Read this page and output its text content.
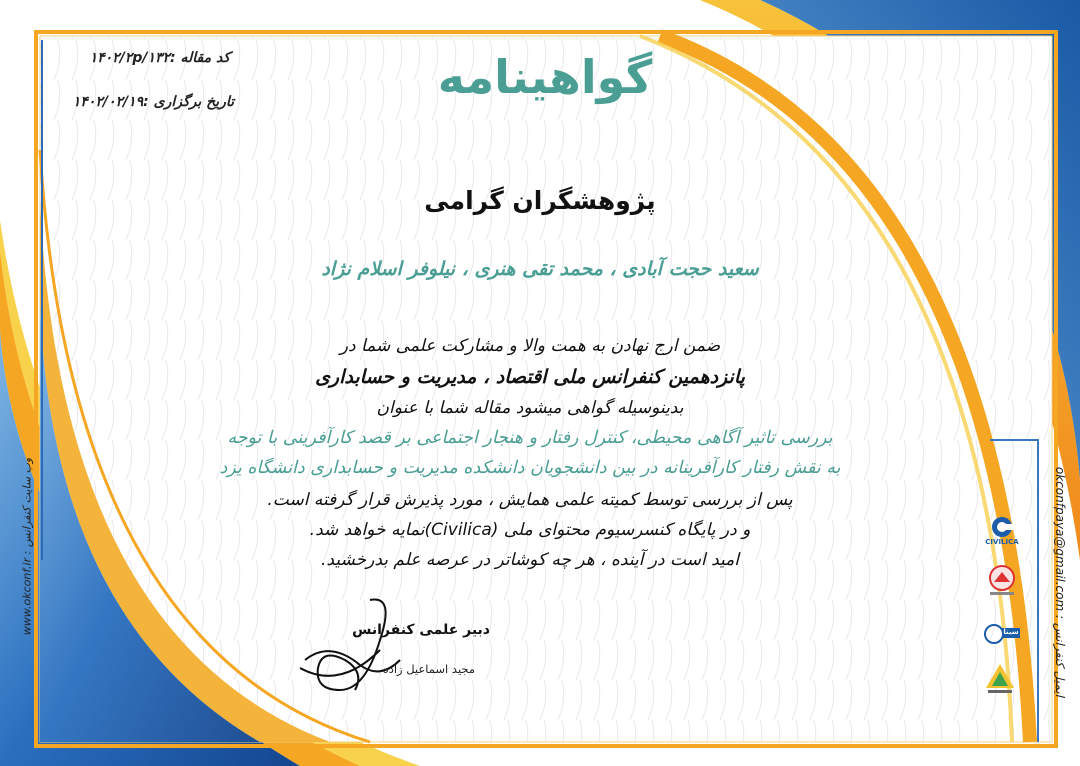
گواهینامه
کد مقاله :۱۴۰۲/۲p/۱۳۲
تاریخ برگزاری :۱۴۰۲/۰۲/۱۹
پژوهشگران گرامی
سعید حجت آبادی ، محمد تقی هنری ، نیلوفر اسلام نژاد
ضمن ارج نهادن به همت والا و مشارکت علمی شما در
پانزدهمین کنفرانس ملی اقتصاد ، مدیریت و حسابداری
بدینوسیله گواهی میشود مقاله شما با عنوان
بررسی تاثیر آگاهی محیطی، کنترل رفتار و هنجار اجتماعی بر قصد کارآفرینی با توجه
به نقش رفتار کارآفرینانه در بین دانشجویان دانشکده مدیریت و حسابداری دانشگاه یزد
پس از بررسی توسط کمیته علمی همایش ، مورد پذیرش قرار گرفته است.
و در پایگاه کنسرسیوم محتوای ملی (Civilica)نمایه خواهد شد.
امید است در آینده ، هر چه کوشاتر در عرصه علم بدرخشید.
دبیر علمی کنفرانس
مجید اسماعیل زاده
وب سایت کنفرانس : www.okconf.ir	ایمیل کنفرانس : okconfpaya@gmail.com
CIVILICA
سینا
